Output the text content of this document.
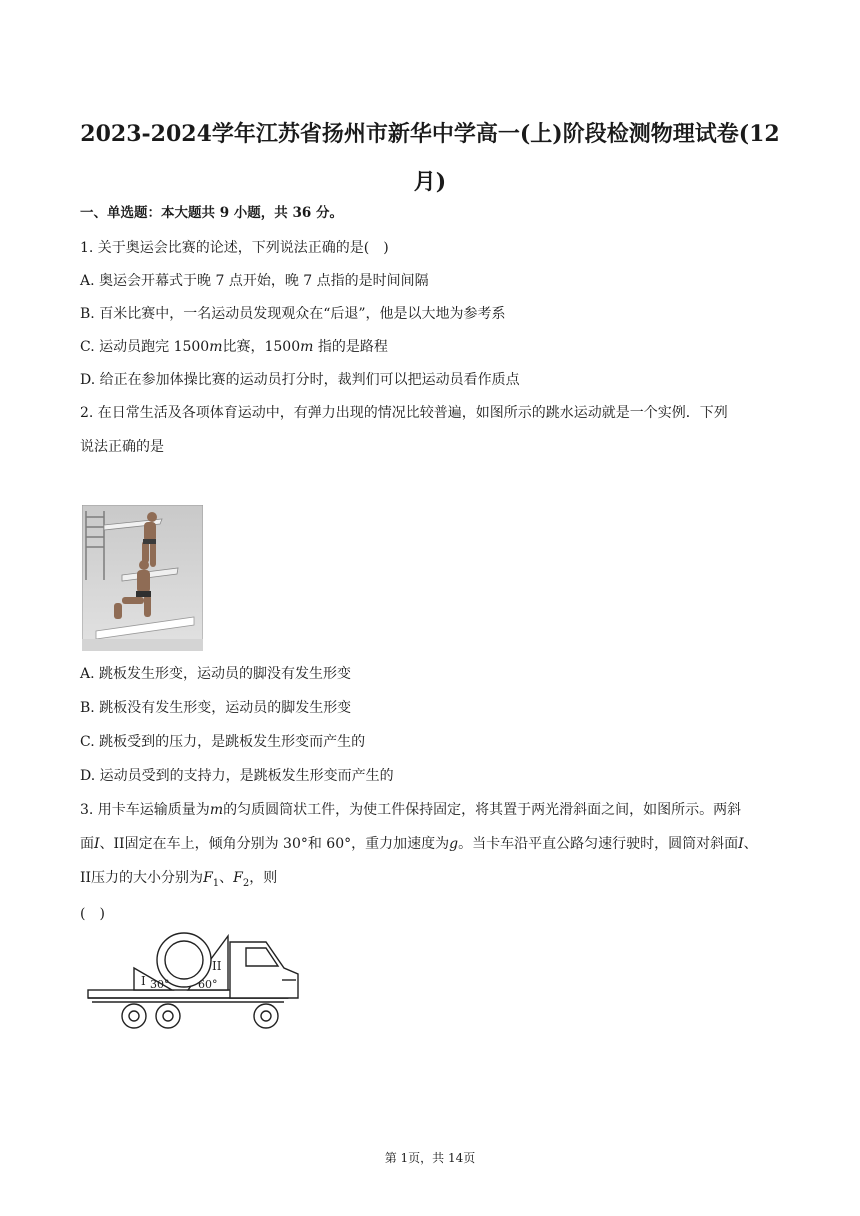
2023-2024学年江苏省扬州市新华中学高一(上)阶段检测物理试卷(12月)
一、单选题：本大题共 9 小题，共 36 分。
1. 关于奥运会比赛的论述，下列说法正确的是(　)
A. 奥运会开幕式于晚 7 点开始，晚 7 点指的是时间间隔
B. 百米比赛中，一名运动员发现观众在“后退”，他是以大地为参考系
C. 运动员跑完 1500m比赛，1500m 指的是路程
D. 给正在参加体操比赛的运动员打分时，裁判们可以把运动员看作质点
2. 在日常生活及各项体育运动中，有弹力出现的情况比较普遍，如图所示的跳水运动就是一个实例．下列
说法正确的是
A. 跳板发生形变，运动员的脚没有发生形变
B. 跳板没有发生形变，运动员的脚发生形变
C. 跳板受到的压力，是跳板发生形变而产生的
D. 运动员受到的支持力，是跳板发生形变而产生的
3. 用卡车运输质量为m的匀质圆筒状工件，为使工件保持固定，将其置于两光滑斜面之间，如图所示。两斜
面I、II固定在车上，倾角分别为 30°和 60°，重力加速度为g。当卡车沿平直公路匀速行驶时，圆筒对斜面I、
II压力的大小分别为$F_1$、$F_2$，则
(　)
I
II
30°	60°
第 1页，共 14页
